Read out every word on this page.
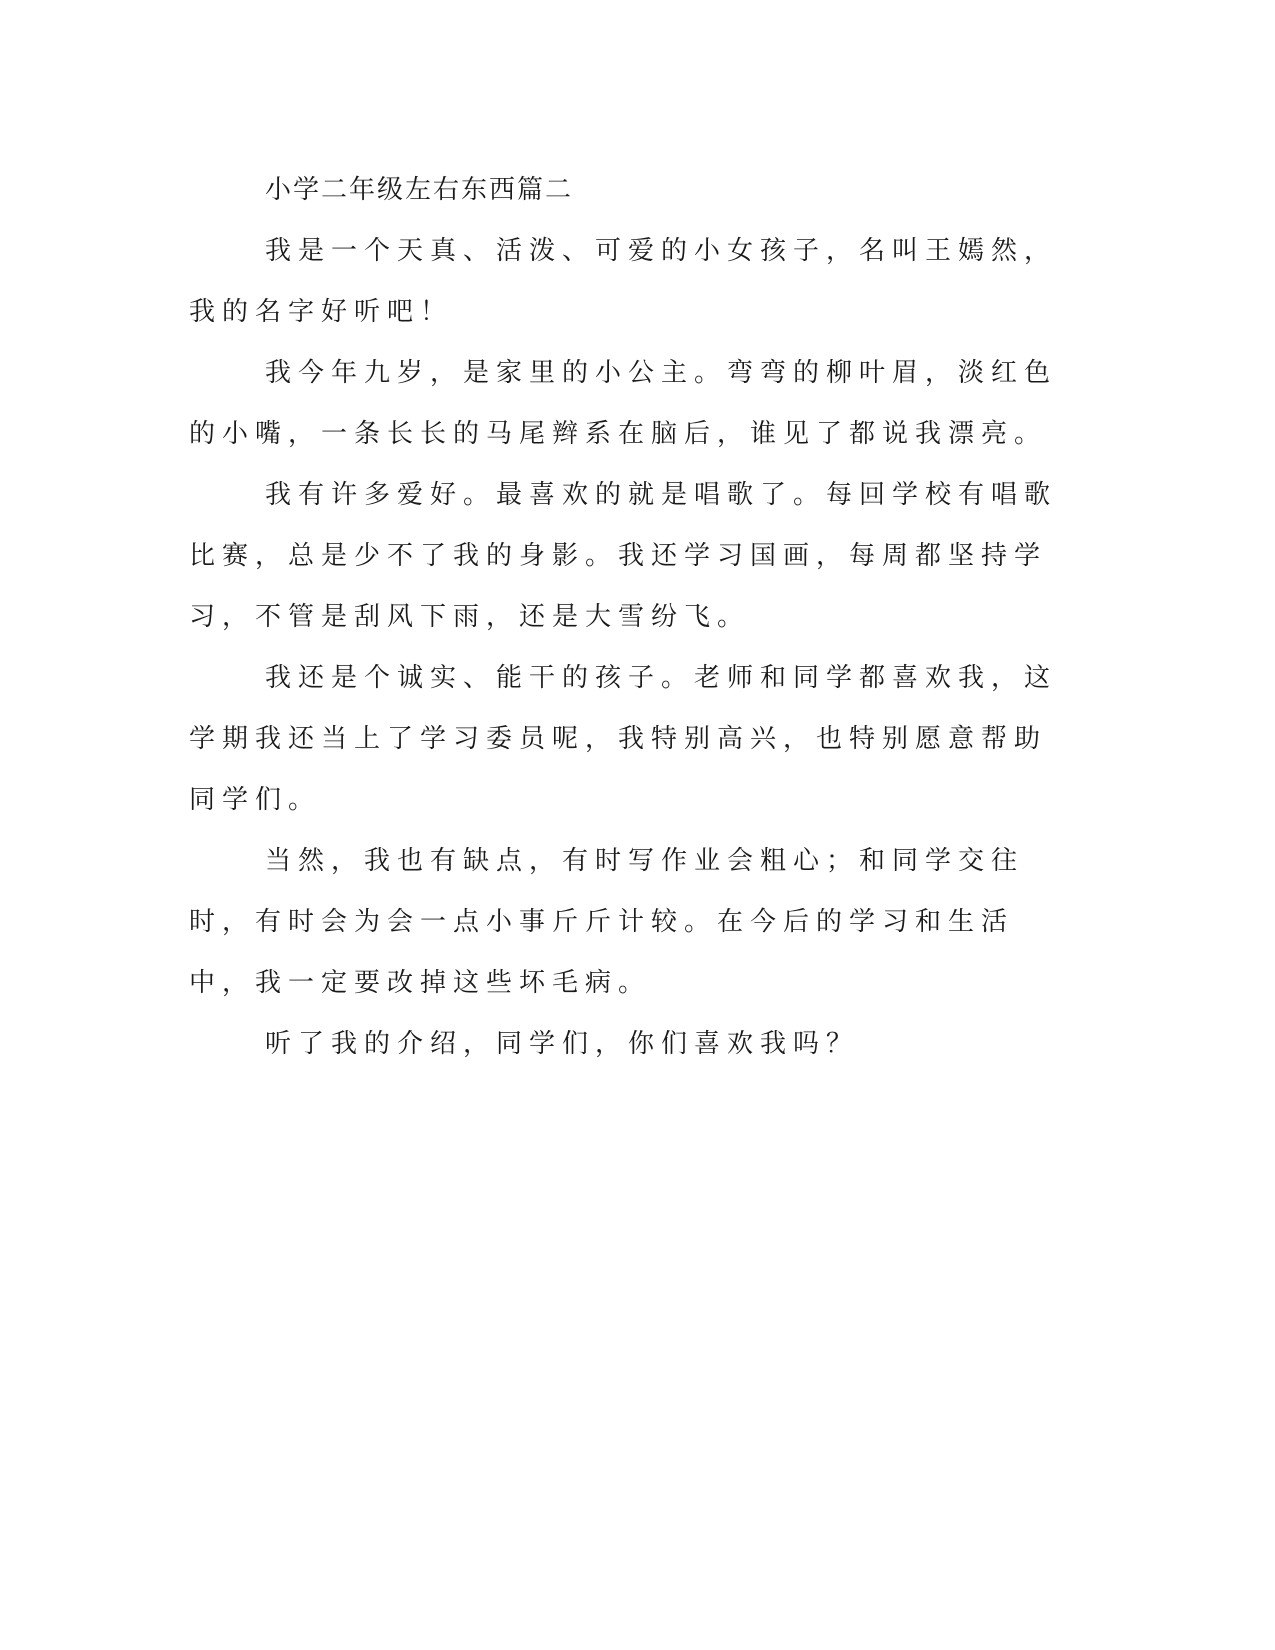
小学二年级左右东西篇二

我是一个天真、活泼、可爱的小女孩子，名叫王嫣然，我的名字好听吧！

我今年九岁，是家里的小公主。弯弯的柳叶眉，淡红色的小嘴，一条长长的马尾辫系在脑后，谁见了都说我漂亮。

我有许多爱好。最喜欢的就是唱歌了。每回学校有唱歌比赛，总是少不了我的身影。我还学习国画，每周都坚持学习，不管是刮风下雨，还是大雪纷飞。

我还是个诚实、能干的孩子。老师和同学都喜欢我，这学期我还当上了学习委员呢，我特别高兴，也特别愿意帮助同学们。

当然，我也有缺点，有时写作业会粗心；和同学交往时，有时会为会一点小事斤斤计较。在今后的学习和生活中，我一定要改掉这些坏毛病。

听了我的介绍，同学们，你们喜欢我吗？
